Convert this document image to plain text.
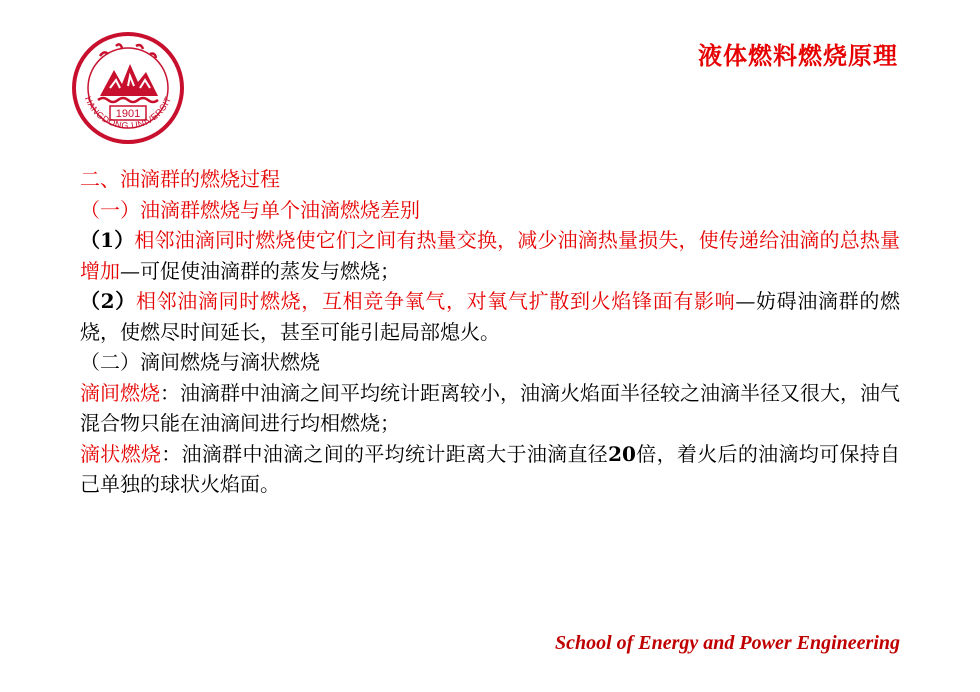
1901
HANGDONG UNIVERSIT
液体燃料燃烧原理

二、油滴群的燃烧过程

（一）油滴群燃烧与单个油滴燃烧差别

（1）相邻油滴同时燃烧使它们之间有热量交换，减少油滴热量损失，使传递给油滴的总热量增加—可促使油滴群的蒸发与燃烧；

（2）相邻油滴同时燃烧，互相竞争氧气，对氧气扩散到火焰锋面有影响—妨碍油滴群的燃烧，使燃尽时间延长，甚至可能引起局部熄火。

（二）滴间燃烧与滴状燃烧

滴间燃烧：油滴群中油滴之间平均统计距离较小，油滴火焰面半径较之油滴半径又很大，油气混合物只能在油滴间进行均相燃烧；

滴状燃烧：油滴群中油滴之间的平均统计距离大于油滴直径20倍，着火后的油滴均可保持自己单独的球状火焰面。

School of Energy and Power Engineering
